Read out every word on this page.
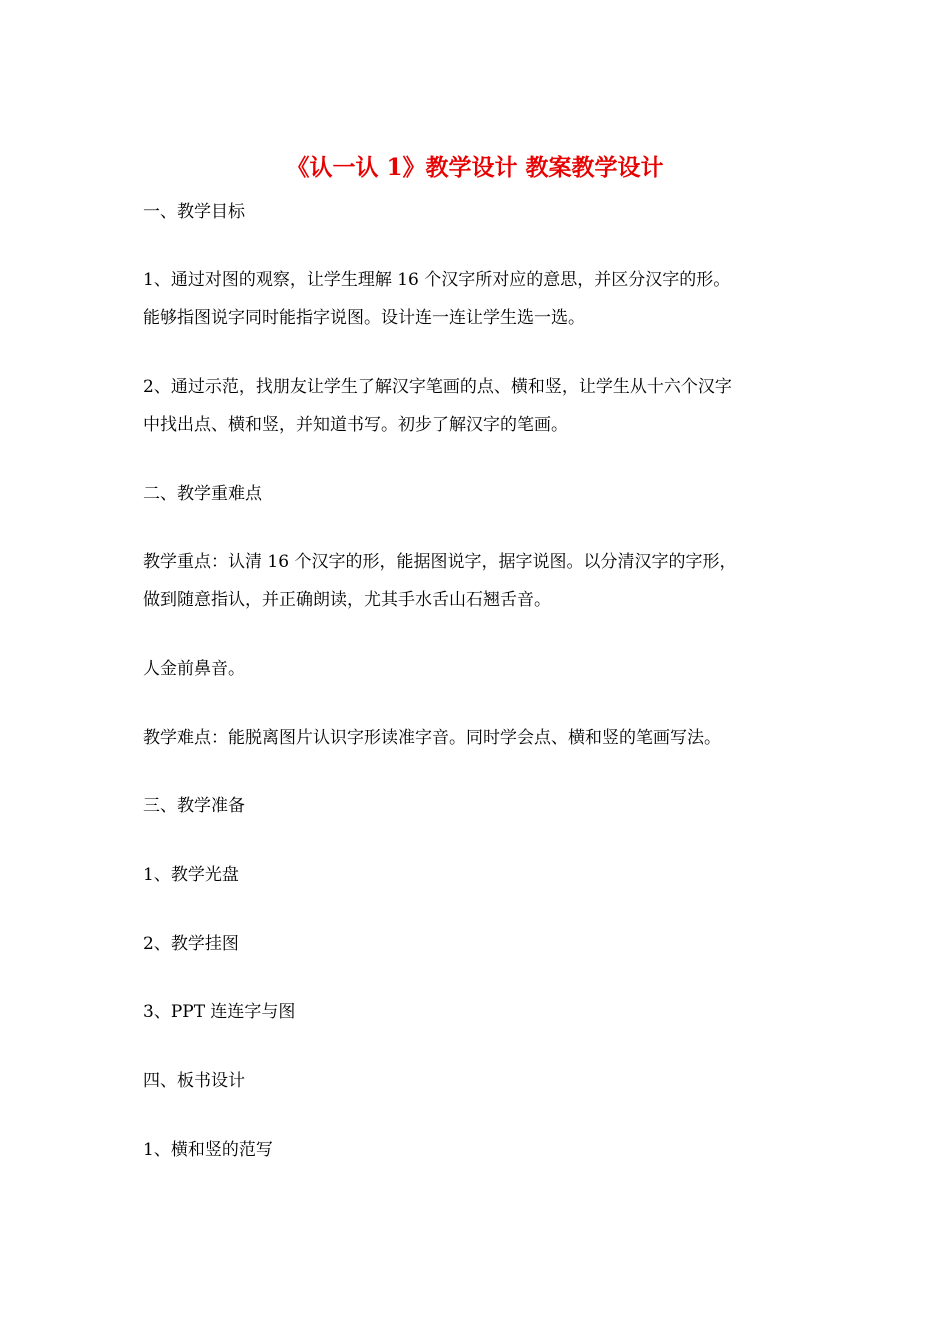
《认一认 1》教学设计 教案教学设计
一、教学目标
1、通过对图的观察，让学生理解 16 个汉字所对应的意思，并区分汉字的形。
能够指图说字同时能指字说图。设计连一连让学生选一选。
2、通过示范，找朋友让学生了解汉字笔画的点、横和竖，让学生从十六个汉字
中找出点、横和竖，并知道书写。初步了解汉字的笔画。
二、教学重难点
教学重点：认清 16 个汉字的形，能据图说字，据字说图。以分清汉字的字形，
做到随意指认，并正确朗读，尤其手水舌山石翘舌音。
人金前鼻音。
教学难点：能脱离图片认识字形读准字音。同时学会点、横和竖的笔画写法。
三、教学准备
1、教学光盘
2、教学挂图
3、PPT 连连字与图
四、板书设计
1、横和竖的范写
